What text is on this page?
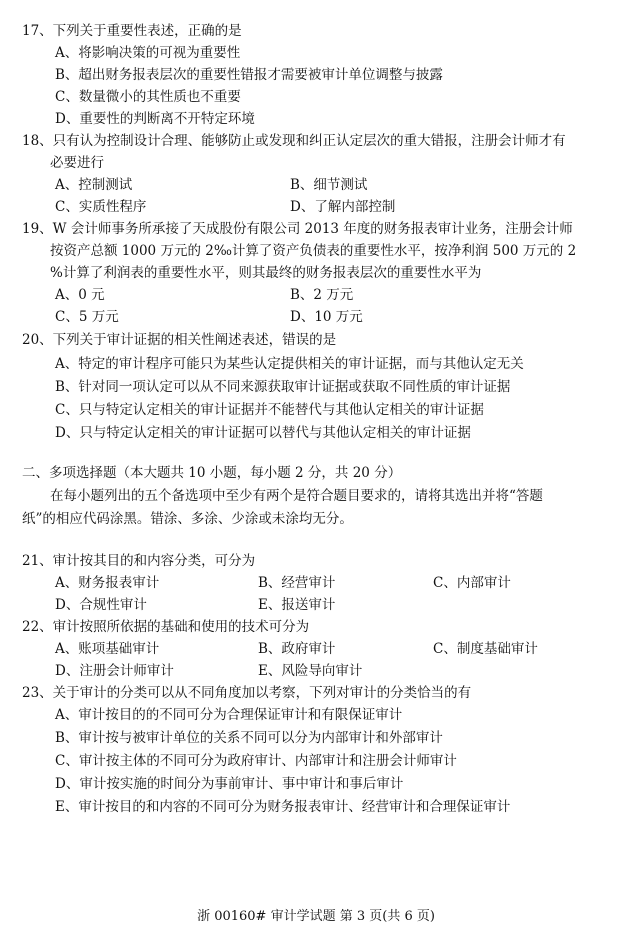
17、下列关于重要性表述，正确的是
A、将影响决策的可视为重要性
B、超出财务报表层次的重要性错报才需要被审计单位调整与披露
C、数量微小的其性质也不重要
D、重要性的判断离不开特定环境
18、只有认为控制设计合理、能够防止或发现和纠正认定层次的重大错报，注册会计师才有
必要进行
A、控制测试	B、细节测试
C、实质性程序	D、了解内部控制
19、W 会计师事务所承接了天成股份有限公司 2013 年度的财务报表审计业务，注册会计师
按资产总额 1000 万元的 2‰计算了资产负债表的重要性水平，按净利润 500 万元的 2
%计算了利润表的重要性水平，则其最终的财务报表层次的重要性水平为
A、0 元	B、2 万元
C、5 万元	D、10 万元
20、下列关于审计证据的相关性阐述表述，错误的是
A、特定的审计程序可能只为某些认定提供相关的审计证据，而与其他认定无关
B、针对同一项认定可以从不同来源获取审计证据或获取不同性质的审计证据
C、只与特定认定相关的审计证据并不能替代与其他认定相关的审计证据
D、只与特定认定相关的审计证据可以替代与其他认定相关的审计证据
二、多项选择题（本大题共 10 小题，每小题 2 分，共 20 分）
在每小题列出的五个备选项中至少有两个是符合题目要求的，请将其选出并将“答题
纸”的相应代码涂黑。错涂、多涂、少涂或未涂均无分。
21、审计按其目的和内容分类，可分为
A、财务报表审计	B、经营审计	C、内部审计
D、合规性审计	E、报送审计
22、审计按照所依据的基础和使用的技术可分为
A、账项基础审计	B、政府审计	C、制度基础审计
D、注册会计师审计	E、风险导向审计
23、关于审计的分类可以从不同角度加以考察，下列对审计的分类恰当的有
A、审计按目的的不同可分为合理保证审计和有限保证审计
B、审计按与被审计单位的关系不同可以分为内部审计和外部审计
C、审计按主体的不同可分为政府审计、内部审计和注册会计师审计
D、审计按实施的时间分为事前审计、事中审计和事后审计
E、审计按目的和内容的不同可分为财务报表审计、经营审计和合理保证审计
浙 00160# 审计学试题 第 3 页(共 6 页)
